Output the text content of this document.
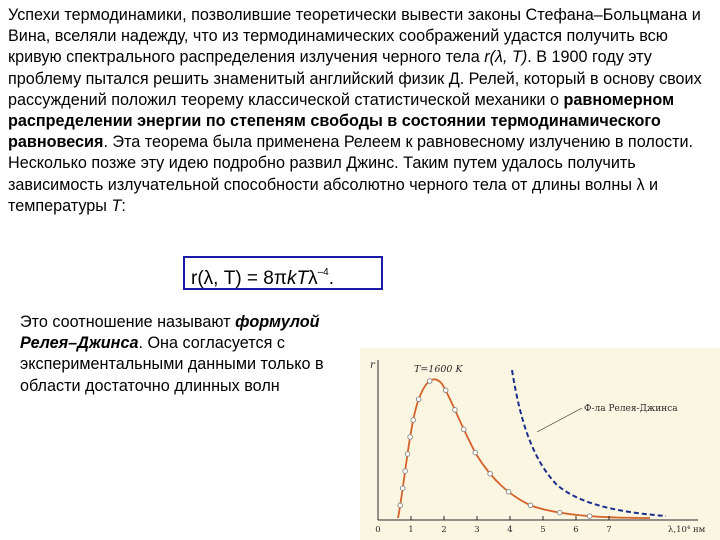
Успехи термодинамики, позволившие теоретически вывести законы Стефана–Больцмана и Вина, вселяли надежду, что из термодинамических соображений удастся получить всю кривую спектрального распределения излучения черного тела r(λ, T). В 1900 году эту проблему пытался решить знаменитый английский физик Д. Релей, который в основу своих рассуждений положил теорему классической статистической механики о равномерном распределении энергии по степеням свободы в состоянии термодинамического равновесия. Эта теорема была применена Релеем к равновесному излучению в полости. Несколько позже эту идею подробно развил Джинс. Таким путем удалось получить зависимость излучательной способности абсолютно черного тела от длины волны λ и температуры T:
r(λ, T) = 8πkTλ$^{-4}$.
Это соотношение называют формулой Релея–Джинса. Она согласуется с экспериментальными данными только в области достаточно длинных волн
r	T=1600 K
Ф-ла Релея-Джинса
0	1	2	3	4	5	6	7	λ,10⁴ нм
